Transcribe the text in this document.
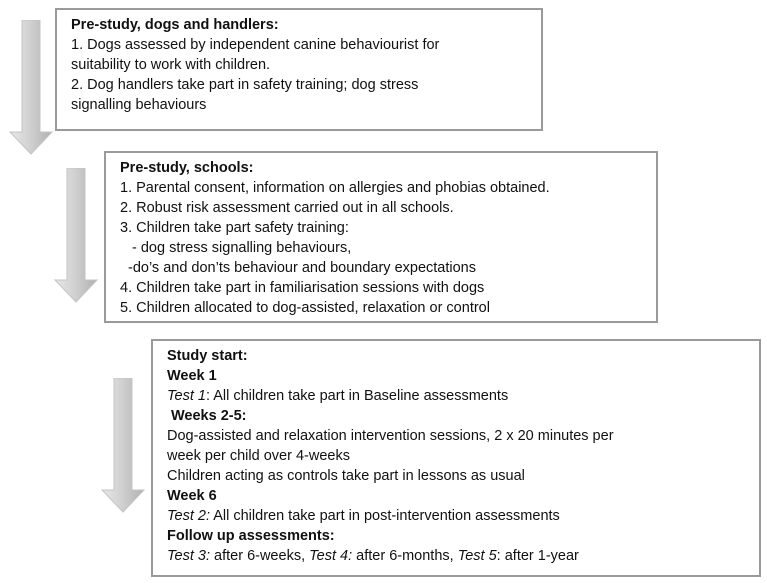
Pre-study, dogs and handlers:
1. Dogs assessed by independent canine behaviourist for
suitability to work with children.
2. Dog handlers take part in safety training; dog stress
signalling behaviours
Pre-study, schools:
1. Parental consent, information on allergies and phobias obtained.
2. Robust risk assessment carried out in all schools.
3. Children take part safety training:
- dog stress signalling behaviours,
-do’s and don’ts behaviour and boundary expectations
4. Children take part in familiarisation sessions with dogs
5. Children allocated to dog-assisted, relaxation or control
Study start:
Week 1
Test 1: All children take part in Baseline assessments
Weeks 2-5:
Dog-assisted and relaxation intervention sessions, 2 x 20 minutes per
week per child over 4-weeks
Children acting as controls take part in lessons as usual
Week 6
Test 2: All children take part in post-intervention assessments
Follow up assessments:
Test 3: after 6-weeks, Test 4: after 6-months, Test 5: after 1-year
